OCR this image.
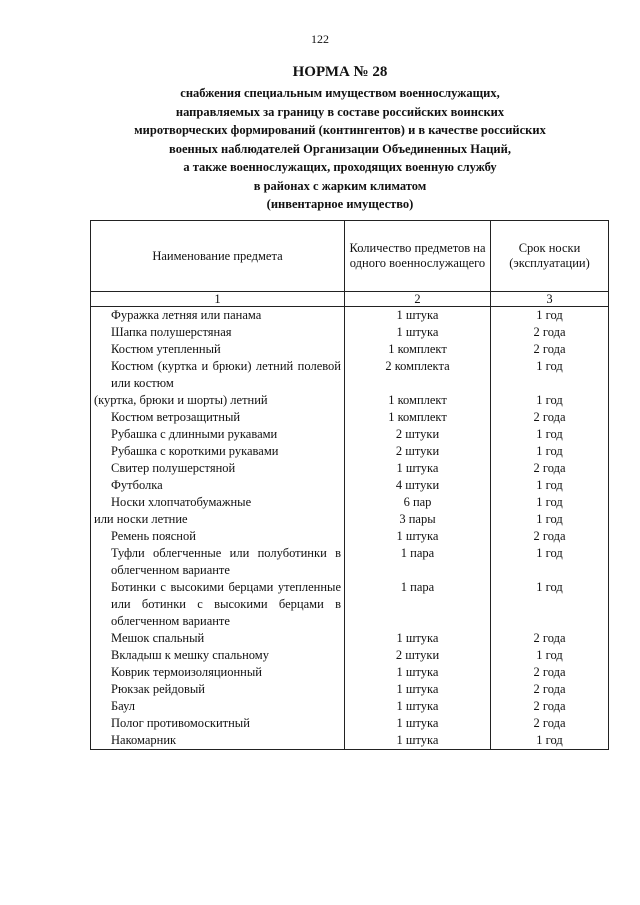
122
НОРМА № 28
снабжения специальным имуществом военнослужащих,
направляемых за границу в составе российских воинских
миротворческих формирований (контингентов) и в качестве российских
военных наблюдателей Организации Объединенных Наций,
а также военнослужащих, проходящих военную службу
в районах с жарким климатом
(инвентарное имущество)
Наименование предмета	Количество предметов на одного военнослужащего	Срок носки (эксплуатации)
1	2	3
Фуражка летняя или панама	1 штука	1 год
Шапка полушерстяная	1 штука	2 года
Костюм утепленный	1 комплект	2 года
Костюм (куртка и брюки) летний полевой или костюм	2 комплекта	1 год
(куртка, брюки и шорты) летний	1 комплект	1 год
Костюм ветрозащитный	1 комплект	2 года
Рубашка с длинными рукавами	2 штуки	1 год
Рубашка с короткими рукавами	2 штуки	1 год
Свитер полушерстяной	1 штука	2 года
Футболка	4 штуки	1 год
Носки хлопчатобумажные	6 пар	1 год
или носки летние	3 пары	1 год
Ремень поясной	1 штука	2 года
Туфли облегченные или полуботинки в облегченном варианте	1 пара	1 год
Ботинки с высокими берцами утепленные или ботинки с высокими берцами в облегченном варианте	1 пара	1 год
Мешок спальный	1 штука	2 года
Вкладыш к мешку спальному	2 штуки	1 год
Коврик термоизоляционный	1 штука	2 года
Рюкзак рейдовый	1 штука	2 года
Баул	1 штука	2 года
Полог противомоскитный	1 штука	2 года
Накомарник	1 штука	1 год
